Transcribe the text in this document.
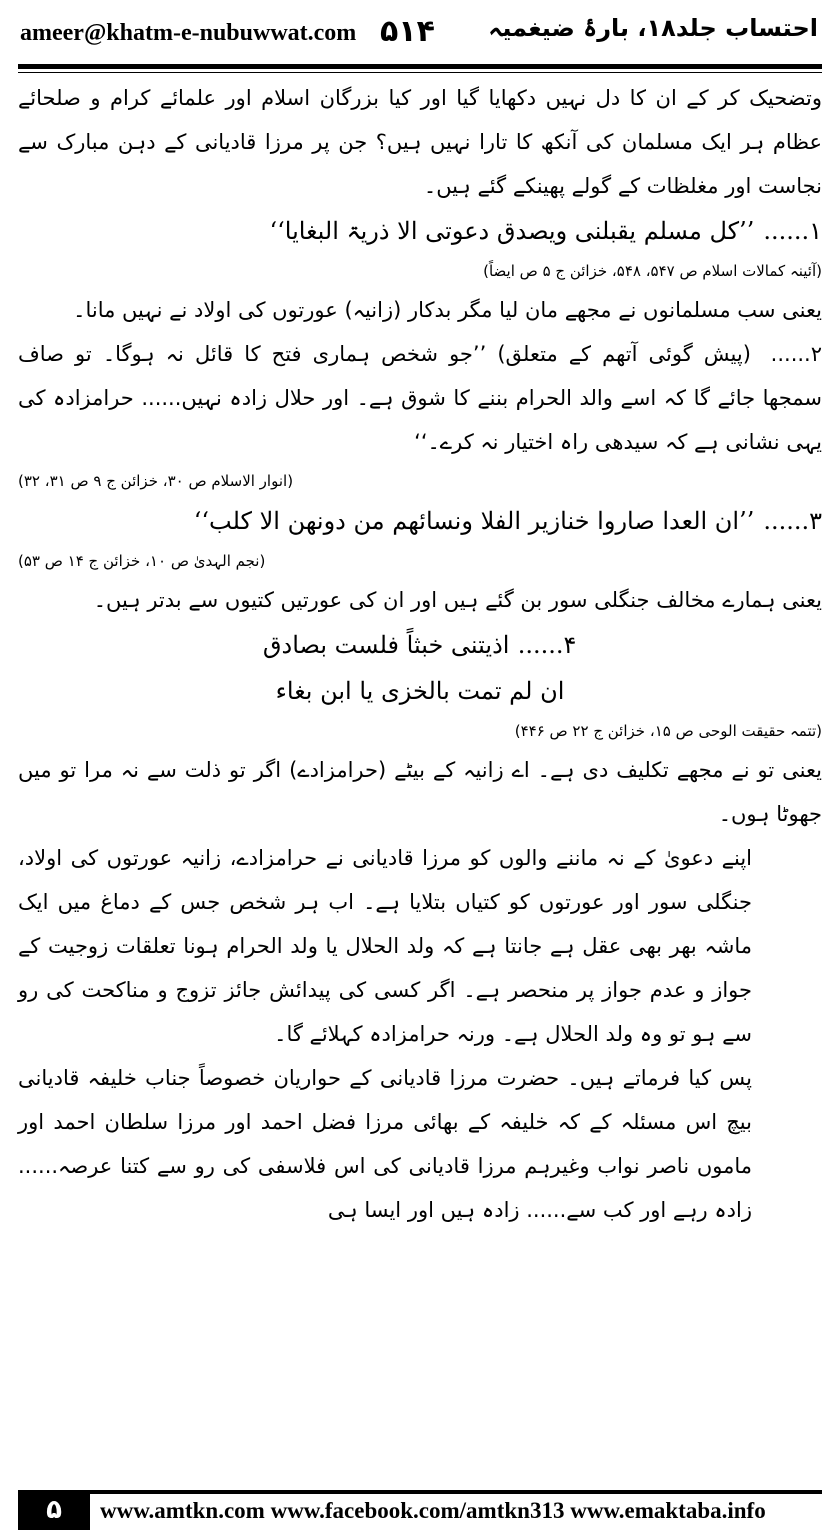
ameer@khatm-e-nubuwwat.com ۵۱۴ احتساب جلد۱۸، بارۂ ضیغمیہ

وتضحیک کر کے ان کا دل نہیں دکھایا گیا اور کیا بزرگان اسلام اور علمائے کرام و صلحائے عظام ہر ایک مسلمان کی آنکھ کا تارا نہیں ہیں؟ جن پر مرزا قادیانی کے دہن مبارک سے نجاست اور مغلظات کے گولے پھینکے گئے ہیں۔

۱...... ’’کل مسلم یقبلنی ویصدق دعوتی الا ذریۃ البغایا‘‘

(آئینہ کمالات اسلام ص ۵۴۷، ۵۴۸، خزائن ج ۵ ص ایضاً)

یعنی سب مسلمانوں نے مجھے مان لیا مگر بدکار (زانیہ) عورتوں کی اولاد نے نہیں مانا۔

۲...... (پیش گوئی آتھم کے متعلق) ’’جو شخص ہماری فتح کا قائل نہ ہوگا۔ تو صاف سمجھا جائے گا کہ اسے والد الحرام بننے کا شوق ہے۔ اور حلال زادہ نہیں...... حرامزادہ کی یہی نشانی ہے کہ سیدھی راہ اختیار نہ کرے۔‘‘

(انوار الاسلام ص ۳۰، خزائن ج ۹ ص ۳۱، ۳۲)

۳...... ’’ان العدا صاروا خنازیر الفلا ونسائھم من دونھن الا کلب‘‘

(نجم الہدیٰ ص ۱۰، خزائن ج ۱۴ ص ۵۳)

یعنی ہمارے مخالف جنگلی سور بن گئے ہیں اور ان کی عورتیں کتیوں سے بدتر ہیں۔

۴...... اذیتنی خبثاً فلست بصادق

ان لم تمت بالخزی یا ابن بغاء

(تتمہ حقیقت الوحی ص ۱۵، خزائن ج ۲۲ ص ۴۴۶)

یعنی تو نے مجھے تکلیف دی ہے۔ اے زانیہ کے بیٹے (حرامزادے) اگر تو ذلت سے نہ مرا تو میں جھوٹا ہوں۔

اپنے دعویٰ کے نہ ماننے والوں کو مرزا قادیانی نے حرامزادے، زانیہ عورتوں کی اولاد، جنگلی سور اور عورتوں کو کتیاں بتلایا ہے۔ اب ہر شخص جس کے دماغ میں ایک ماشہ بھر بھی عقل ہے جانتا ہے کہ ولد الحلال یا ولد الحرام ہونا تعلقات زوجیت کے جواز و عدم جواز پر منحصر ہے۔ اگر کسی کی پیدائش جائز تزوج و مناکحت کی رو سے ہو تو وہ ولد الحلال ہے۔ ورنہ حرامزادہ کہلائے گا۔

پس کیا فرماتے ہیں۔ حضرت مرزا قادیانی کے حواریان خصوصاً جناب خلیفہ قادیانی بیچ اس مسئلہ کے کہ خلیفہ کے بھائی مرزا فضل احمد اور مرزا سلطان احمد اور ماموں ناصر نواب وغیرہم مرزا قادیانی کی اس فلاسفی کی رو سے کتنا عرصہ...... زادہ رہے اور کب سے...... زادہ ہیں اور ایسا ہی

۵	www.amtkn.com www.facebook.com/amtkn313 www.emaktaba.info
